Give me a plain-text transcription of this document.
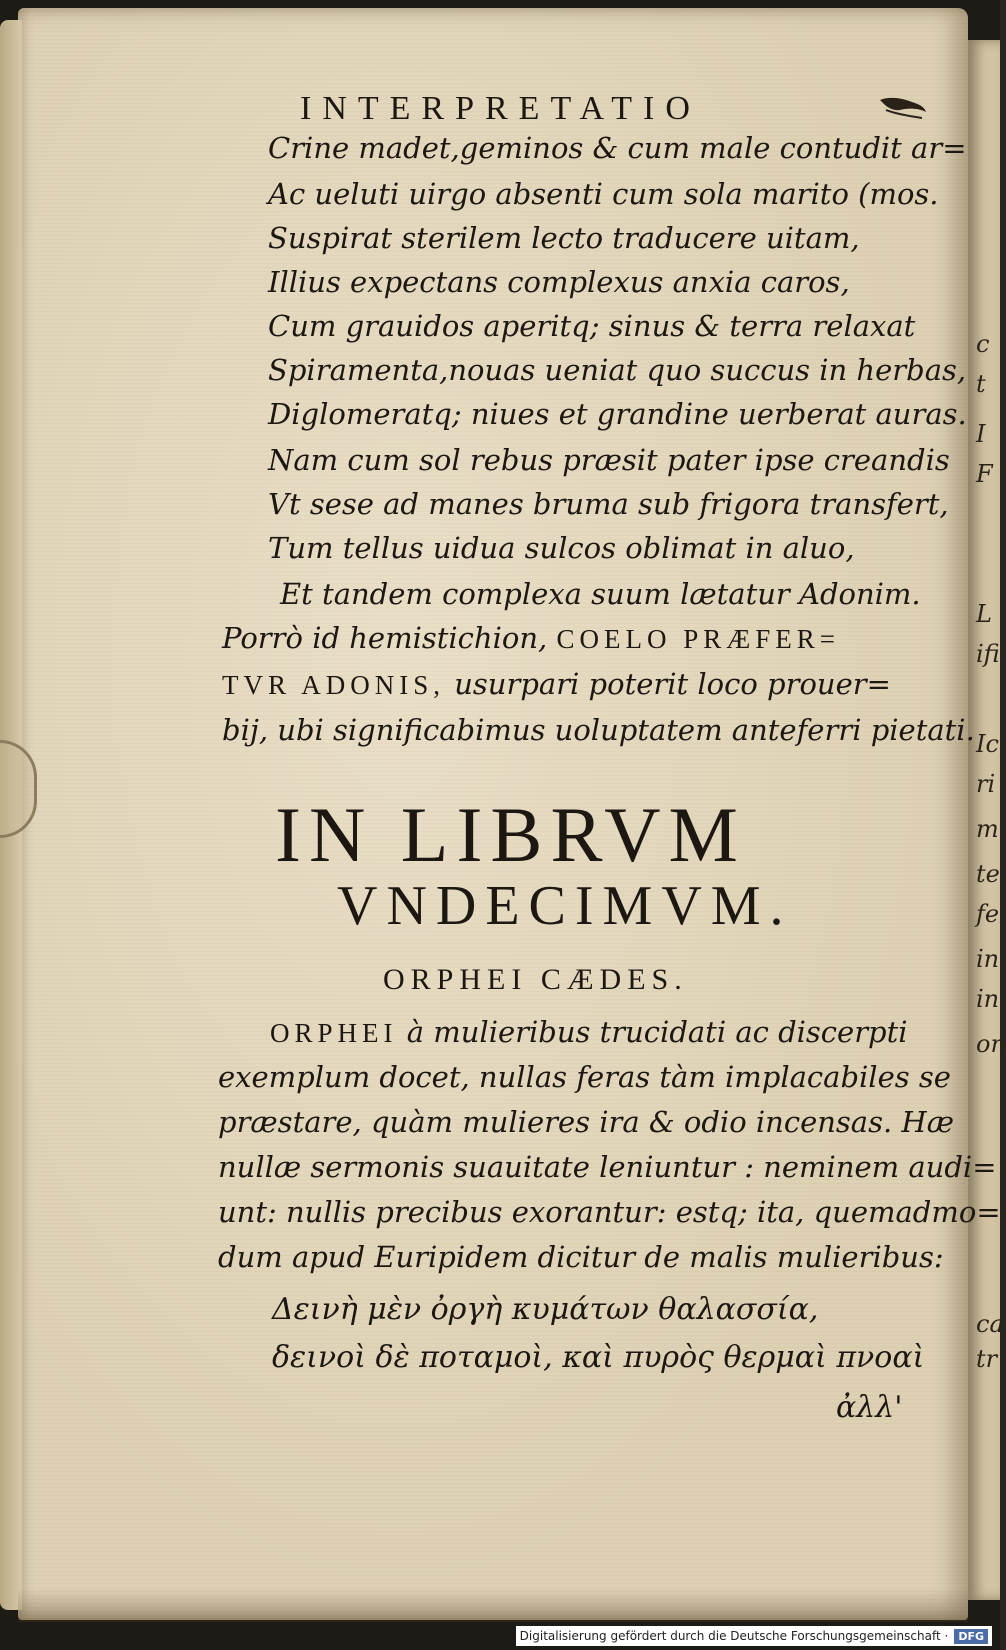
c
t
I
F
L
ifi
Ic
ri
m
te
fe
in
in
on
ca
tr

INTERPRETATIO

Crine madet,geminos & cum male contudit ar=

Ac ueluti uirgo absenti cum sola marito (mos.

Suspirat sterilem lecto traducere uitam,

Illius expectans complexus anxia caros,

Cum grauidos aperitq; sinus & terra relaxat

Spiramenta,nouas ueniat quo succus in herbas,

Diglomeratq; niues et grandine uerberat auras.

Nam cum sol rebus præsit pater ipse creandis

Vt sese ad manes bruma sub frigora transfert,

Tum tellus uidua sulcos oblimat in aluo,

Et tandem complexa suum lætatur Adonim.

Porrò id hemistichion, COELO PRÆFER=

TVR ADONIS, usurpari poterit loco prouer=

bij, ubi significabimus uoluptatem anteferri pietati.

IN LIBRVM

VNDECIMVM.

ORPHEI CÆDES.

ORPHEI à mulieribus trucidati ac discerpti

exemplum docet, nullas feras tàm implacabiles se

præstare, quàm mulieres ira & odio incensas. Hæ

nullæ sermonis suauitate leniuntur : neminem audi=

unt: nullis precibus exorantur: estq; ita, quemadmo=

dum apud Euripidem dicitur de malis mulieribus:

Δεινὴ μὲν ὀργὴ κυμάτων θαλασσία,

δεινοὶ δὲ ποταμοὶ, καὶ πυρὸς θερμαὶ πνοαὶ

ἀλλ'

Digitalisierung gefördert durch die Deutsche Forschungsgemeinschaft · DFG
